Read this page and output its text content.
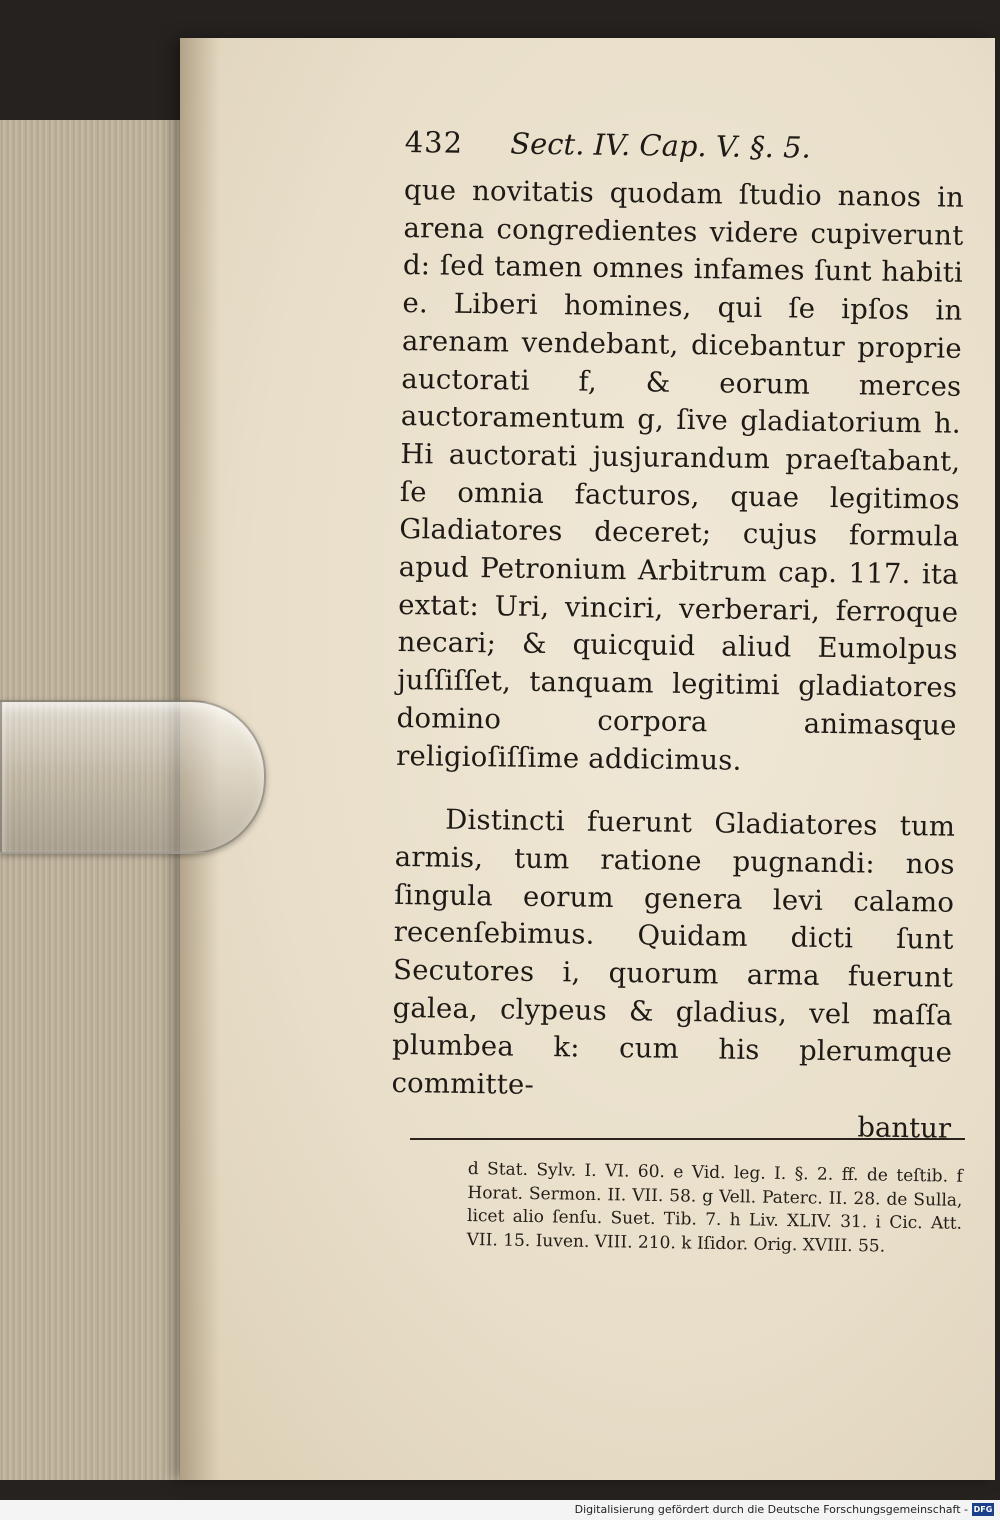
432 Sect. IV. Cap. V. §. 5.

que novitatis quodam ſtudio nanos in arena congredientes videre cupiverunt d: ſed tamen omnes infames ſunt habiti e. Liberi homines, qui ſe ipſos in arenam vendebant, dicebantur proprie auctorati f, & eorum merces auctoramentum g, ſive gladiatorium h. Hi auctorati jusjurandum praeſtabant, ſe omnia facturos, quae legitimos Gladiatores deceret; cujus formula apud Petronium Arbitrum cap. 117. ita extat: Uri, vinciri, verberari, ferroque necari; & quicquid aliud Eumolpus juſſiſſet, tanquam legitimi gladiatores domino corpora animasque religioſiſſime addicimus.

Distincti fuerunt Gladiatores tum armis, tum ratione pugnandi: nos ſingula eorum genera levi calamo recenſebimus. Quidam dicti ſunt Secutores i, quorum arma fuerunt galea, clypeus & gladius, vel maſſa plumbea k: cum his plerumque committe-

bantur

d Stat. Sylv. I. VI. 60. e Vid. leg. I. §. 2. ff. de teſtib. f Horat. Sermon. II. VII. 58. g Vell. Paterc. II. 28. de Sulla, licet alio ſenſu. Suet. Tib. 7. h Liv. XLIV. 31. i Cic. Att. VII. 15. Iuven. VIII. 210. k Iſidor. Orig. XVIII. 55.
Digitalisierung gefördert durch die Deutsche Forschungsgemeinschaft - DFG
